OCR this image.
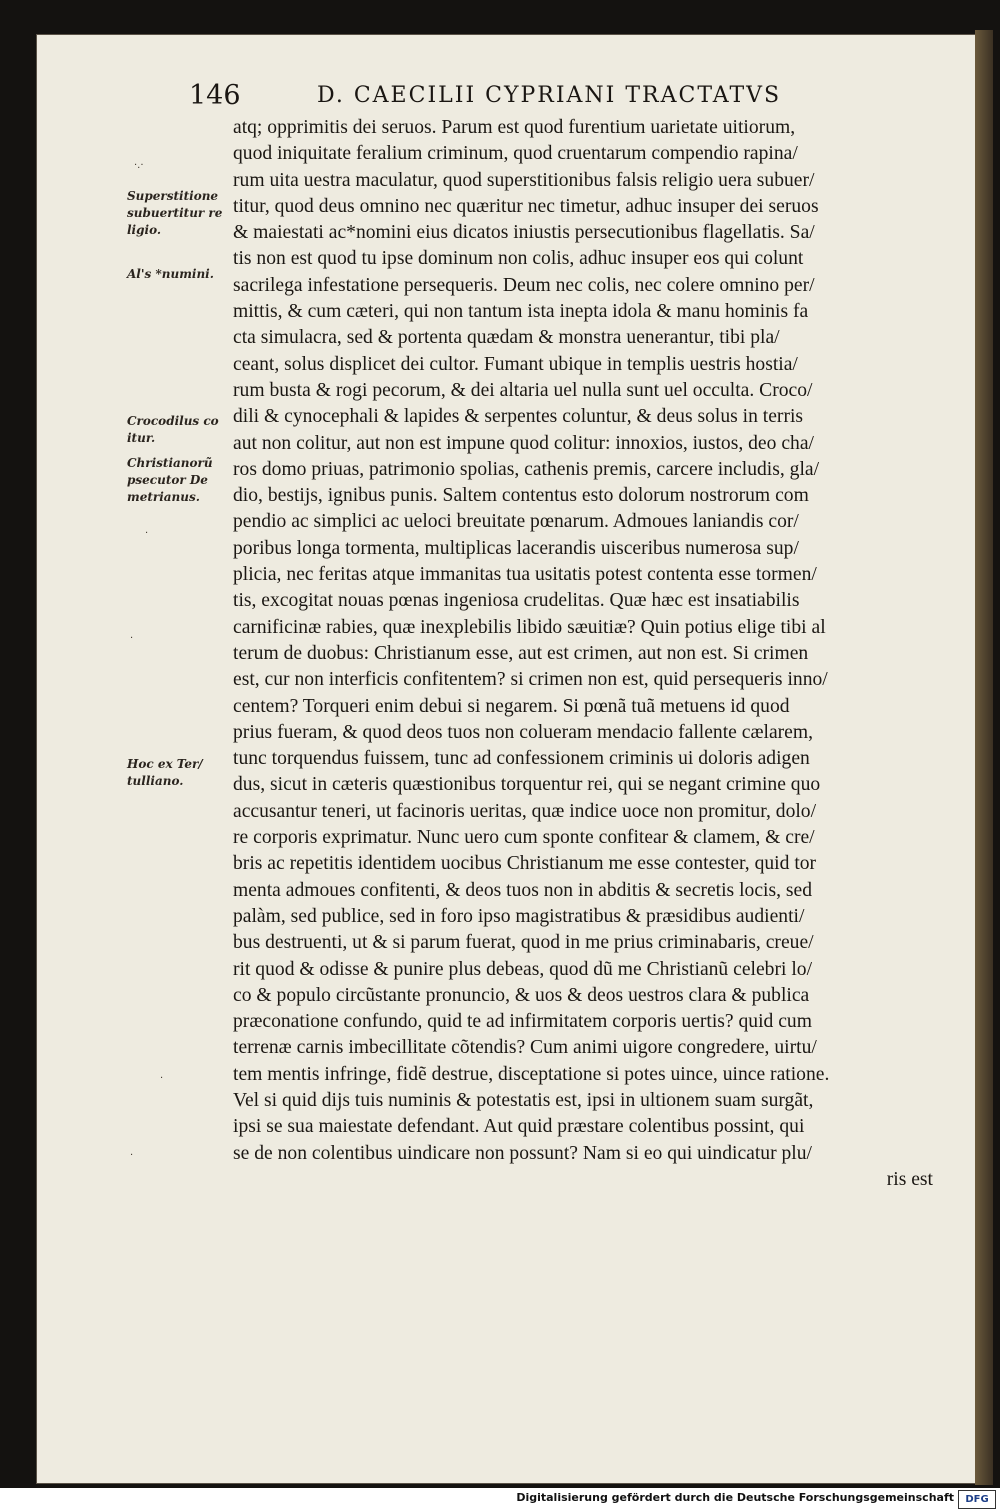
146	D. CAECILII CYPRIANI TRACTATVS
Superstitione subuertitur re ligio.
Al's *numini.
Crocodilus co itur.
Christianorũ psecutor De metrianus.
Hoc ex Ter/ tulliano.
·.·
·
·
·
·
atq; opprimitis dei seruos. Parum est quod furentium uarietate uitiorum,
quod iniquitate feralium criminum, quod cruentarum compendio rapina/
rum uita uestra maculatur, quod superstitionibus falsis religio uera subuer/
titur, quod deus omnino nec quæritur nec timetur, adhuc insuper dei seruos
& maiestati ac*nomini eius dicatos iniustis persecutionibus flagellatis. Sa/
tis non est quod tu ipse dominum non colis, adhuc insuper eos qui colunt
sacrilega infestatione persequeris. Deum nec colis, nec colere omnino per/
mittis, & cum cæteri, qui non tantum ista inepta idola & manu hominis fa
cta simulacra, sed & portenta quædam & monstra uenerantur, tibi pla/
ceant, solus displicet dei cultor. Fumant ubique in templis uestris hostia/
rum busta & rogi pecorum, & dei altaria uel nulla sunt uel occulta. Croco/
dili & cynocephali & lapides & serpentes coluntur, & deus solus in terris
aut non colitur, aut non est impune quod colitur: innoxios, iustos, deo cha/
ros domo priuas, patrimonio spolias, cathenis premis, carcere includis, gla/
dio, bestijs, ignibus punis. Saltem contentus esto dolorum nostrorum com
pendio ac simplici ac ueloci breuitate pœnarum. Admoues laniandis cor/
poribus longa tormenta, multiplicas lacerandis uisceribus numerosa sup/
plicia, nec feritas atque immanitas tua usitatis potest contenta esse tormen/
tis, excogitat nouas pœnas ingeniosa crudelitas. Quæ hæc est insatiabilis
carnificinæ rabies, quæ inexplebilis libido sæuitiæ? Quin potius elige tibi al
terum de duobus: Christianum esse, aut est crimen, aut non est. Si crimen
est, cur non interficis confitentem? si crimen non est, quid persequeris inno/
centem? Torqueri enim debui si negarem. Si pœnã tuã metuens id quod
prius fueram, & quod deos tuos non colueram mendacio fallente cælarem,
tunc torquendus fuissem, tunc ad confessionem criminis ui doloris adigen
dus, sicut in cæteris quæstionibus torquentur rei, qui se negant crimine quo
accusantur teneri, ut facinoris ueritas, quæ indice uoce non promitur, dolo/
re corporis exprimatur. Nunc uero cum sponte confitear & clamem, & cre/
bris ac repetitis identidem uocibus Christianum me esse contester, quid tor
menta admoues confitenti, & deos tuos non in abditis & secretis locis, sed
palàm, sed publice, sed in foro ipso magistratibus & præsidibus audienti/
bus destruenti, ut & si parum fuerat, quod in me prius criminabaris, creue/
rit quod & odisse & punire plus debeas, quod dũ me Christianũ celebri lo/
co & populo circũstante pronuncio, & uos & deos uestros clara & publica
præconatione confundo, quid te ad infirmitatem corporis uertis? quid cum
terrenæ carnis imbecillitate cõtendis? Cum animi uigore congredere, uirtu/
tem mentis infringe, fidẽ destrue, disceptatione si potes uince, uince ratione.
Vel si quid dijs tuis numinis & potestatis est, ipsi in ultionem suam surgãt,
ipsi se sua maiestate defendant. Aut quid præstare colentibus possint, qui
se de non colentibus uindicare non possunt? Nam si eo qui uindicatur plu/
ris est
Digitalisierung gefördert durch die Deutsche Forschungsgemeinschaft	DFG
